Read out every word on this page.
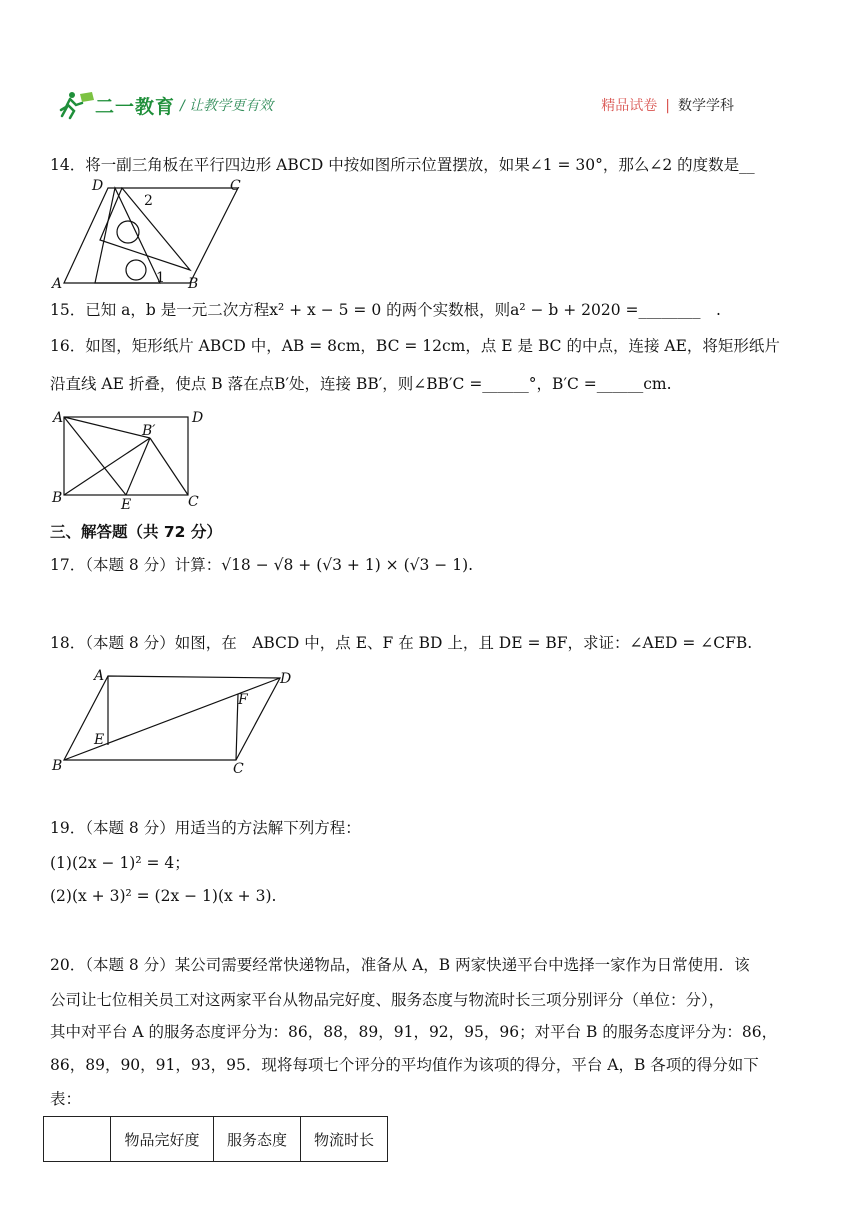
二一教育 / 让教学更有效	精品试卷 | 数学学科
14．将一副三角板在平行四边形 ABCD 中按如图所示位置摆放，如果∠1 = 30°，那么∠2 的度数是__
D	C
A	B
2
1
15．已知 a，b 是一元二次方程x² + x − 5 = 0 的两个实数根，则a² − b + 2020 =________　.
16．如图，矩形纸片 ABCD 中，AB = 8cm，BC = 12cm，点 E 是 BC 的中点，连接 AE，将矩形纸片
沿直线 AE 折叠，使点 B 落在点B′处，连接 BB′，则∠BB′C =______°，B′C =______cm.
A	D
B′
B	E	C
三、解答题（共 72 分）
17．（本题 8 分）计算：√18 − √8 + (√3 + 1) × (√3 − 1).
18．（本题 8 分）如图，在　ABCD 中，点 E、F 在 BD 上，且 DE = BF，求证：∠AED = ∠CFB.
A	D
F
E
B	C
19．（本题 8 分）用适当的方法解下列方程：
(1)(2x − 1)² = 4；
(2)(x + 3)² = (2x − 1)(x + 3).
20．（本题 8 分）某公司需要经常快递物品，准备从 A，B 两家快递平台中选择一家作为日常使用．该
公司让七位相关员工对这两家平台从物品完好度、服务态度与物流时长三项分别评分（单位：分），
其中对平台 A 的服务态度评分为：86，88，89，91，92，95，96；对平台 B 的服务态度评分为：86，
86，89，90，91，93，95．现将每项七个评分的平均值作为该项的得分，平台 A，B 各项的得分如下
表：
	物品完好度	服务态度	物流时长
